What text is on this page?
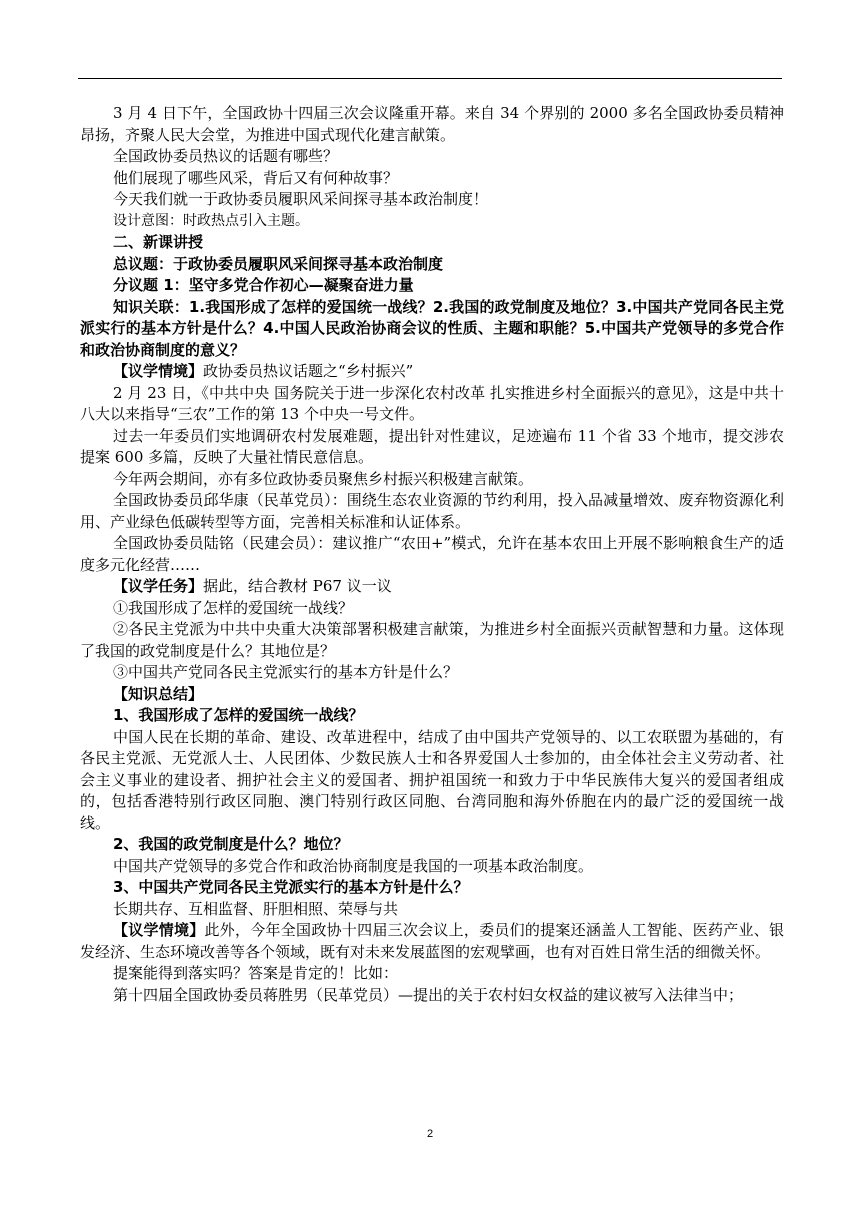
3 月 4 日下午，全国政协十四届三次会议隆重开幕。来自 34 个界别的 2000 多名全国政协委员精神昂扬，齐聚人民大会堂，为推进中国式现代化建言献策。

全国政协委员热议的话题有哪些？

他们展现了哪些风采，背后又有何种故事？

今天我们就一于政协委员履职风采间探寻基本政治制度！

设计意图：时政热点引入主题。

二、新课讲授

总议题：于政协委员履职风采间探寻基本政治制度

分议题 1：坚守多党合作初心—凝聚奋进力量

知识关联：1.我国形成了怎样的爱国统一战线？2.我国的政党制度及地位？3.中国共产党同各民主党派实行的基本方针是什么？4.中国人民政治协商会议的性质、主题和职能？5.中国共产党领导的多党合作和政治协商制度的意义？

【议学情境】政协委员热议话题之“乡村振兴”

2 月 23 日，《中共中央 国务院关于进一步深化农村改革 扎实推进乡村全面振兴的意见》，这是中共十八大以来指导“三农”工作的第 13 个中央一号文件。

过去一年委员们实地调研农村发展难题，提出针对性建议，足迹遍布 11 个省 33 个地市，提交涉农提案 600 多篇，反映了大量社情民意信息。

今年两会期间，亦有多位政协委员聚焦乡村振兴积极建言献策。

全国政协委员邱华康（民革党员）：围绕生态农业资源的节约利用，投入品减量增效、废弃物资源化利用、产业绿色低碳转型等方面，完善相关标准和认证体系。

全国政协委员陆铭（民建会员）：建议推广“农田+”模式，允许在基本农田上开展不影响粮食生产的适度多元化经营……

【议学任务】据此，结合教材 P67 议一议

①我国形成了怎样的爱国统一战线？

②各民主党派为中共中央重大决策部署积极建言献策，为推进乡村全面振兴贡献智慧和力量。这体现了我国的政党制度是什么？其地位是？

③中国共产党同各民主党派实行的基本方针是什么？

【知识总结】

1、我国形成了怎样的爱国统一战线？

中国人民在长期的革命、建设、改革进程中，结成了由中国共产党领导的、以工农联盟为基础的，有各民主党派、无党派人士、人民团体、少数民族人士和各界爱国人士参加的，由全体社会主义劳动者、社会主义事业的建设者、拥护社会主义的爱国者、拥护祖国统一和致力于中华民族伟大复兴的爱国者组成的，包括香港特别行政区同胞、澳门特别行政区同胞、台湾同胞和海外侨胞在内的最广泛的爱国统一战线。

2、我国的政党制度是什么？地位？

中国共产党领导的多党合作和政治协商制度是我国的一项基本政治制度。

3、中国共产党同各民主党派实行的基本方针是什么？

长期共存、互相监督、肝胆相照、荣辱与共

【议学情境】此外，今年全国政协十四届三次会议上，委员们的提案还涵盖人工智能、医药产业、银发经济、生态环境改善等各个领域，既有对未来发展蓝图的宏观擘画，也有对百姓日常生活的细微关怀。

提案能得到落实吗？答案是肯定的！比如：

第十四届全国政协委员蒋胜男（民革党员）—提出的关于农村妇女权益的建议被写入法律当中；

2
